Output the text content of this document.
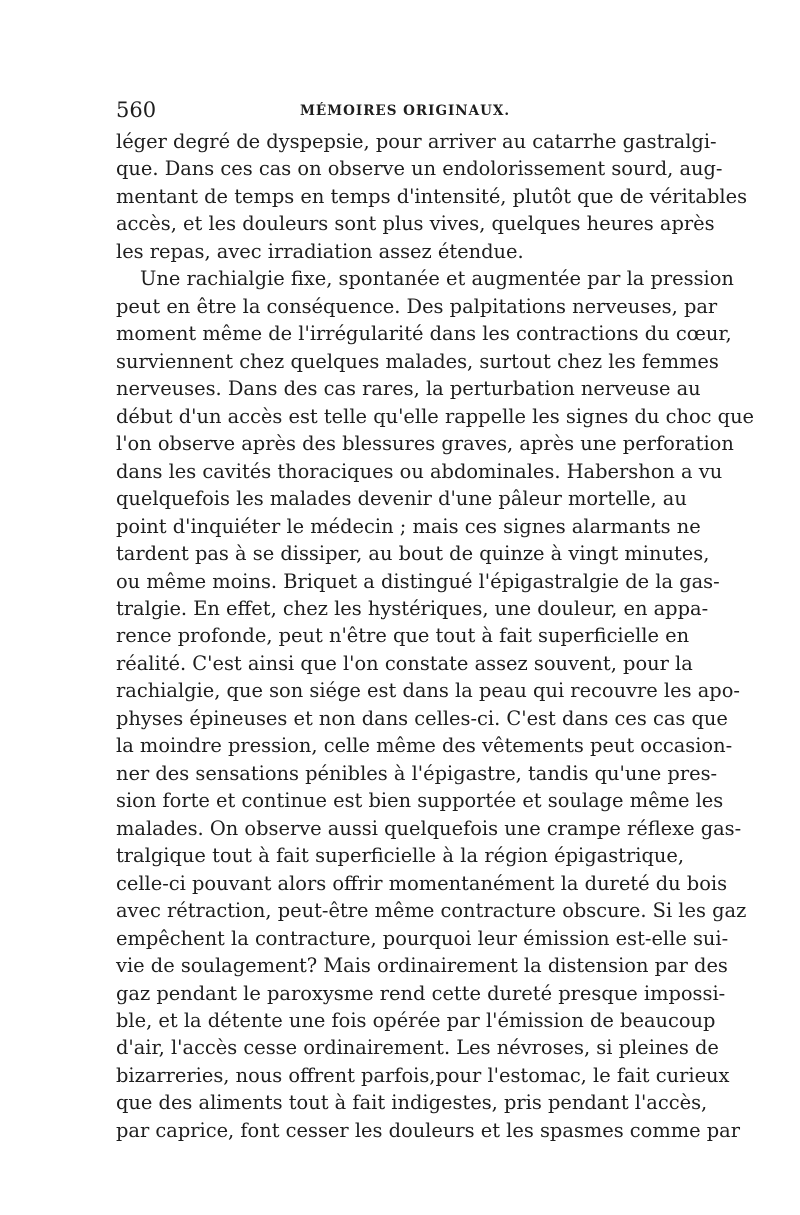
560	MÉMOIRES ORIGINAUX.
léger degré de dyspepsie, pour arriver au catarrhe gastralgi-
que. Dans ces cas on observe un endolorissement sourd, aug-
mentant de temps en temps d'intensité, plutôt que de véritables
accès, et les douleurs sont plus vives, quelques heures après
les repas, avec irradiation assez étendue.
Une rachialgie fixe, spontanée et augmentée par la pression
peut en être la conséquence. Des palpitations nerveuses, par
moment même de l'irrégularité dans les contractions du cœur,
surviennent chez quelques malades, surtout chez les femmes
nerveuses. Dans des cas rares, la perturbation nerveuse au
début d'un accès est telle qu'elle rappelle les signes du choc que
l'on observe après des blessures graves, après une perforation
dans les cavités thoraciques ou abdominales. Habershon a vu
quelquefois les malades devenir d'une pâleur mortelle, au
point d'inquiéter le médecin ; mais ces signes alarmants ne
tardent pas à se dissiper, au bout de quinze à vingt minutes,
ou même moins. Briquet a distingué l'épigastralgie de la gas-
tralgie. En effet, chez les hystériques, une douleur, en appa-
rence profonde, peut n'être que tout à fait superficielle en
réalité. C'est ainsi que l'on constate assez souvent, pour la
rachialgie, que son siége est dans la peau qui recouvre les apo-
physes épineuses et non dans celles-ci. C'est dans ces cas que
la moindre pression, celle même des vêtements peut occasion-
ner des sensations pénibles à l'épigastre, tandis qu'une pres-
sion forte et continue est bien supportée et soulage même les
malades. On observe aussi quelquefois une crampe réflexe gas-
tralgique tout à fait superficielle à la région épigastrique,
celle-ci pouvant alors offrir momentanément la dureté du bois
avec rétraction, peut-être même contracture obscure. Si les gaz
empêchent la contracture, pourquoi leur émission est-elle sui-
vie de soulagement? Mais ordinairement la distension par des
gaz pendant le paroxysme rend cette dureté presque impossi-
ble, et la détente une fois opérée par l'émission de beaucoup
d'air, l'accès cesse ordinairement. Les névroses, si pleines de
bizarreries, nous offrent parfois,pour l'estomac, le fait curieux
que des aliments tout à fait indigestes, pris pendant l'accès,
par caprice, font cesser les douleurs et les spasmes comme par
